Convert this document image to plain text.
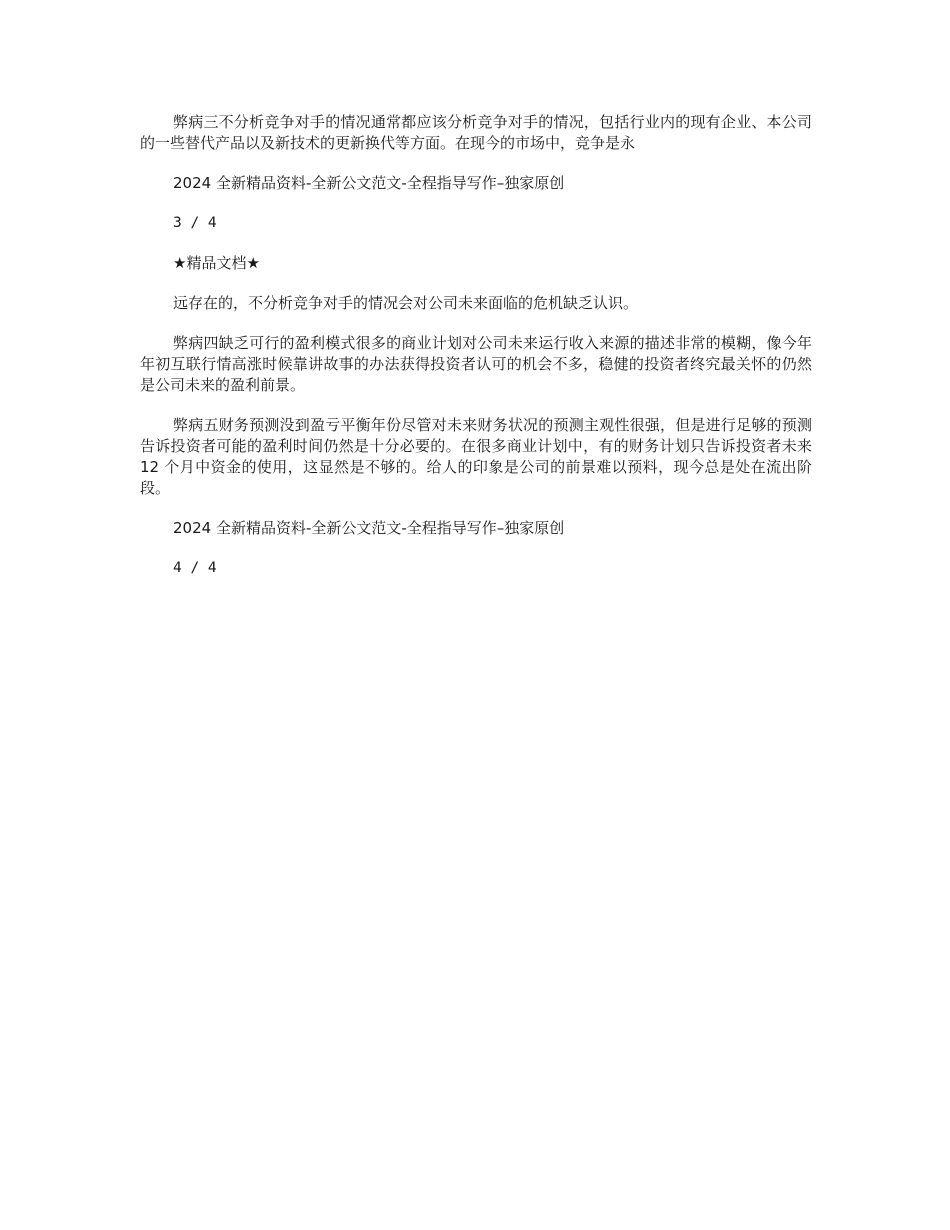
弊病三不分析竞争对手的情况通常都应该分析竞争对手的情况，包括行业内的现有企业、本公司的一些替代产品以及新技术的更新换代等方面。在现今的市场中，竞争是永

2024 全新精品资料-全新公文范文-全程指导写作–独家原创

3 / 4

★精品文档★

远存在的，不分析竞争对手的情况会对公司未来面临的危机缺乏认识。

弊病四缺乏可行的盈利模式很多的商业计划对公司未来运行收入来源的描述非常的模糊，像今年年初互联行情高涨时候靠讲故事的办法获得投资者认可的机会不多，稳健的投资者终究最关怀的仍然是公司未来的盈利前景。

弊病五财务预测没到盈亏平衡年份尽管对未来财务状况的预测主观性很强，但是进行足够的预测告诉投资者可能的盈利时间仍然是十分必要的。在很多商业计划中，有的财务计划只告诉投资者未来 12 个月中资金的使用，这显然是不够的。给人的印象是公司的前景难以预料，现今总是处在流出阶段。

2024 全新精品资料-全新公文范文-全程指导写作–独家原创

4 / 4
